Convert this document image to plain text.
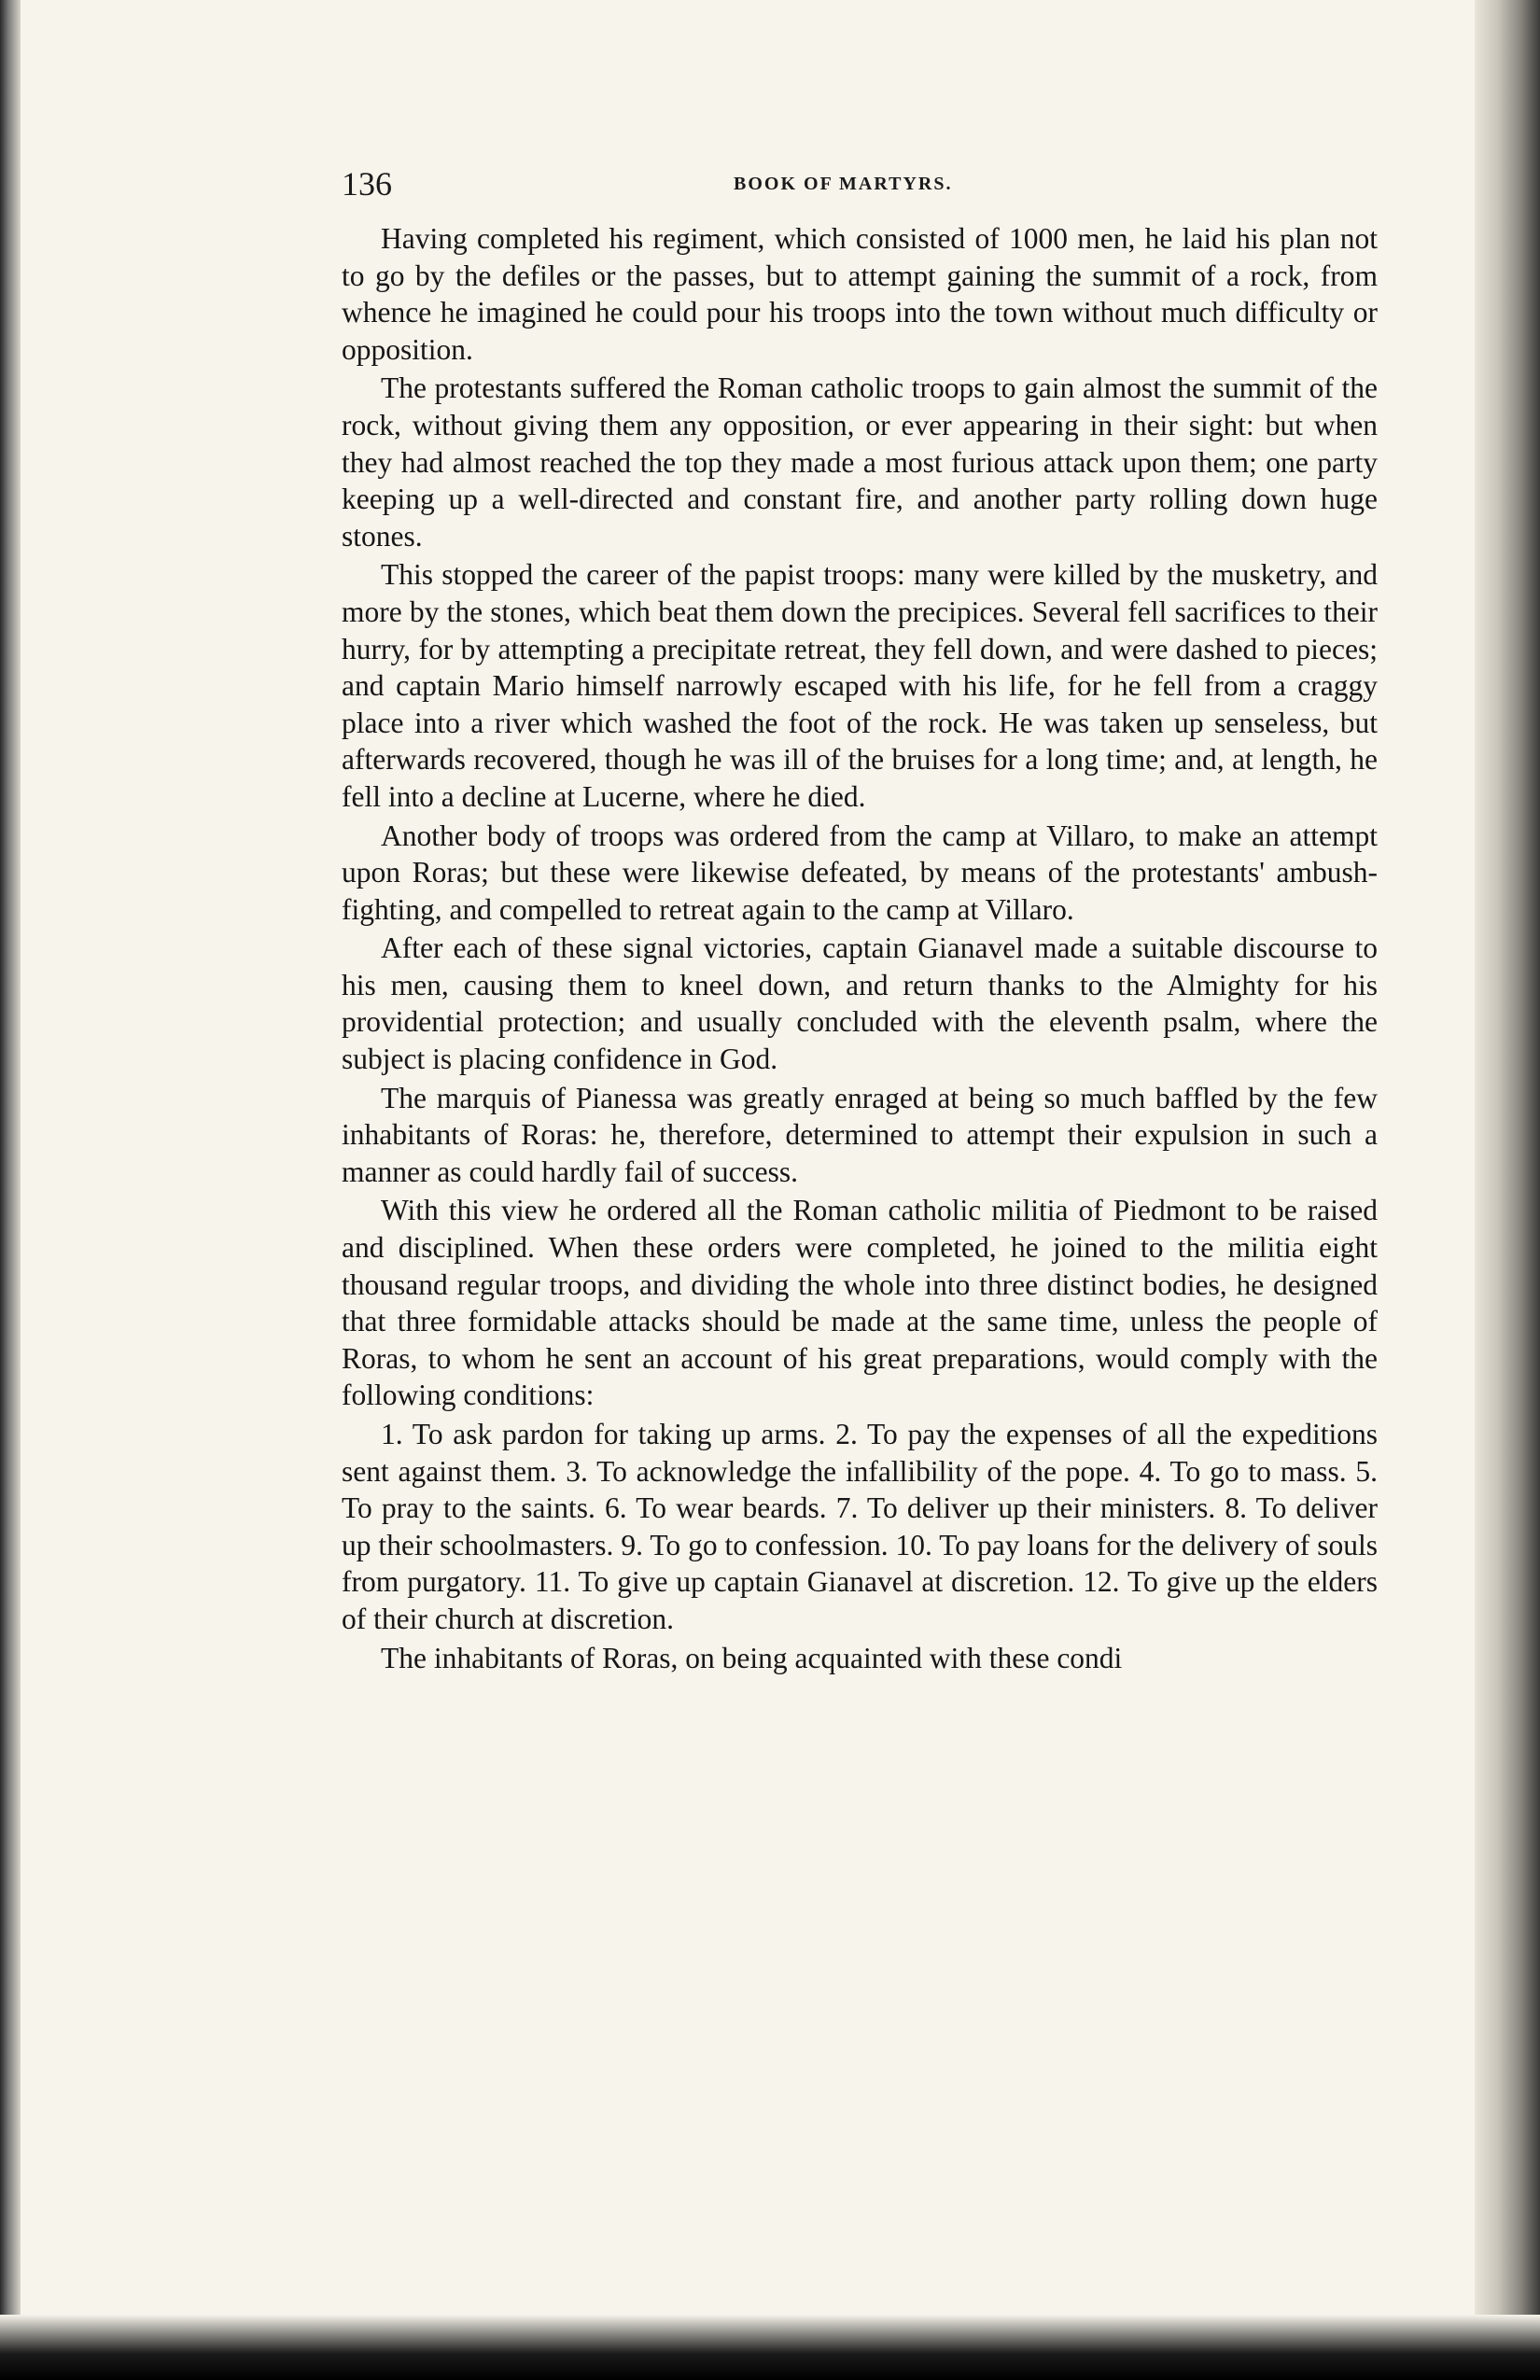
136	BOOK OF MARTYRS.

Having completed his regiment, which consisted of 1000 men, he laid his plan not to go by the defiles or the passes, but to attempt gaining the summit of a rock, from whence he imagined he could pour his troops into the town without much difficulty or opposition.

The protestants suffered the Roman catholic troops to gain almost the summit of the rock, without giving them any opposition, or ever appearing in their sight: but when they had almost reached the top they made a most furious attack upon them; one party keeping up a well-directed and constant fire, and another party rolling down huge stones.

This stopped the career of the papist troops: many were killed by the musketry, and more by the stones, which beat them down the precipices. Several fell sacrifices to their hurry, for by attempting a precipitate retreat, they fell down, and were dashed to pieces; and captain Mario himself narrowly escaped with his life, for he fell from a craggy place into a river which washed the foot of the rock. He was taken up senseless, but afterwards recovered, though he was ill of the bruises for a long time; and, at length, he fell into a decline at Lucerne, where he died.

Another body of troops was ordered from the camp at Villaro, to make an attempt upon Roras; but these were likewise defeated, by means of the protestants' ambush-fighting, and compelled to retreat again to the camp at Villaro.

After each of these signal victories, captain Gianavel made a suitable discourse to his men, causing them to kneel down, and return thanks to the Almighty for his providential protection; and usually concluded with the eleventh psalm, where the subject is placing confidence in God.

The marquis of Pianessa was greatly enraged at being so much baffled by the few inhabitants of Roras: he, therefore, determined to attempt their expulsion in such a manner as could hardly fail of success.

With this view he ordered all the Roman catholic militia of Piedmont to be raised and disciplined. When these orders were completed, he joined to the militia eight thousand regular troops, and dividing the whole into three distinct bodies, he designed that three formidable attacks should be made at the same time, unless the people of Roras, to whom he sent an account of his great preparations, would comply with the following conditions:

1. To ask pardon for taking up arms. 2. To pay the expenses of all the expeditions sent against them. 3. To acknowledge the infallibility of the pope. 4. To go to mass. 5. To pray to the saints. 6. To wear beards. 7. To deliver up their ministers. 8. To deliver up their schoolmasters. 9. To go to confession. 10. To pay loans for the delivery of souls from purgatory. 11. To give up captain Gianavel at discretion. 12. To give up the elders of their church at discretion.

The inhabitants of Roras, on being acquainted with these condi
